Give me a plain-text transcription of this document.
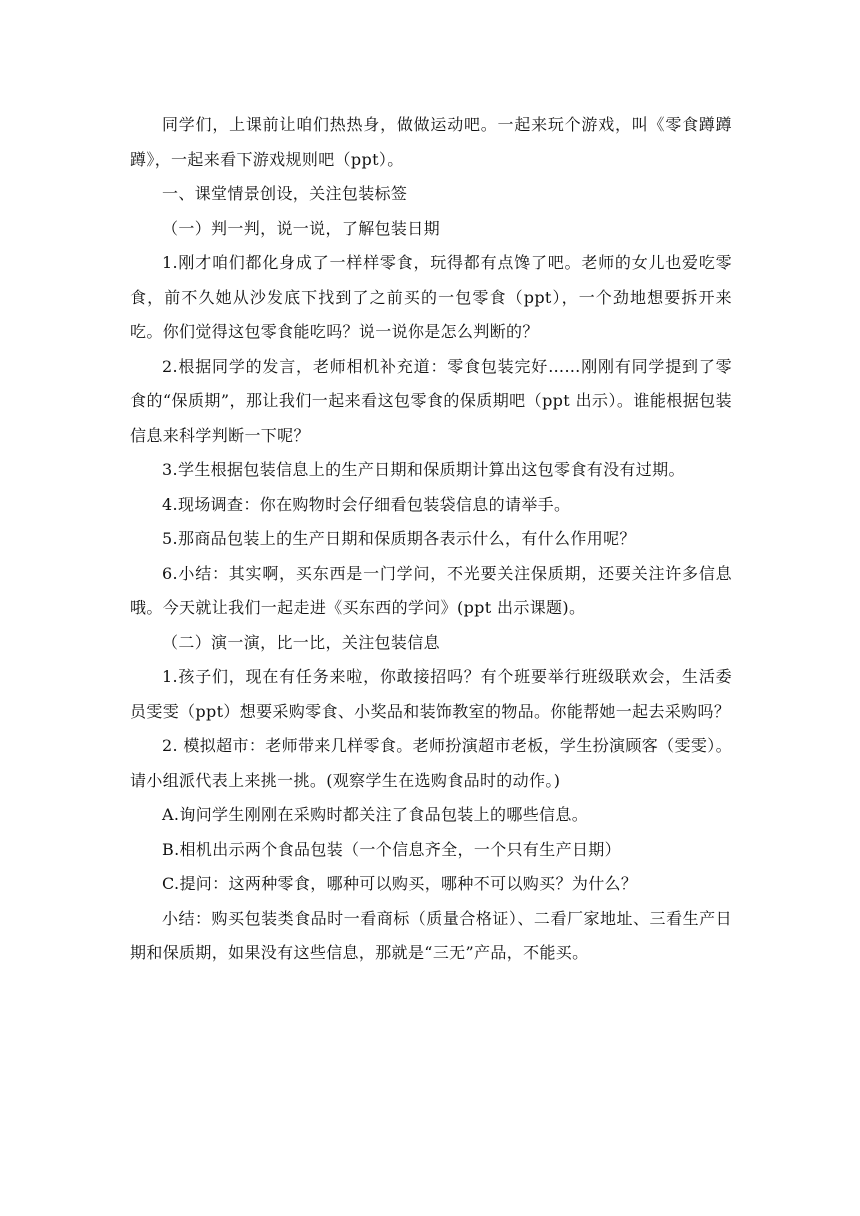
同学们，上课前让咱们热热身，做做运动吧。一起来玩个游戏，叫《零食蹲蹲蹲》，一起来看下游戏规则吧（ppt）。

一、课堂情景创设，关注包装标签

（一）判一判，说一说，了解包装日期

1.刚才咱们都化身成了一样样零食，玩得都有点馋了吧。老师的女儿也爱吃零食，前不久她从沙发底下找到了之前买的一包零食（ppt），一个劲地想要拆开来吃。你们觉得这包零食能吃吗？说一说你是怎么判断的？

2.根据同学的发言，老师相机补充道：零食包装完好……刚刚有同学提到了零食的“保质期”，那让我们一起来看这包零食的保质期吧（ppt 出示）。谁能根据包装信息来科学判断一下呢？

3.学生根据包装信息上的生产日期和保质期计算出这包零食有没有过期。

4.现场调查：你在购物时会仔细看包装袋信息的请举手。

5.那商品包装上的生产日期和保质期各表示什么，有什么作用呢？

6.小结：其实啊，买东西是一门学问，不光要关注保质期，还要关注许多信息哦。今天就让我们一起走进《买东西的学问》(ppt 出示课题)。

（二）演一演，比一比，关注包装信息

1.孩子们，现在有任务来啦，你敢接招吗？有个班要举行班级联欢会，生活委员雯雯（ppt）想要采购零食、小奖品和装饰教室的物品。你能帮她一起去采购吗？

2. 模拟超市：老师带来几样零食。老师扮演超市老板，学生扮演顾客（雯雯）。请小组派代表上来挑一挑。(观察学生在选购食品时的动作。)

A.询问学生刚刚在采购时都关注了食品包装上的哪些信息。

B.相机出示两个食品包装（一个信息齐全，一个只有生产日期）

C.提问：这两种零食，哪种可以购买，哪种不可以购买？为什么？

小结：购买包装类食品时一看商标（质量合格证）、二看厂家地址、三看生产日期和保质期，如果没有这些信息，那就是“三无”产品，不能买。
